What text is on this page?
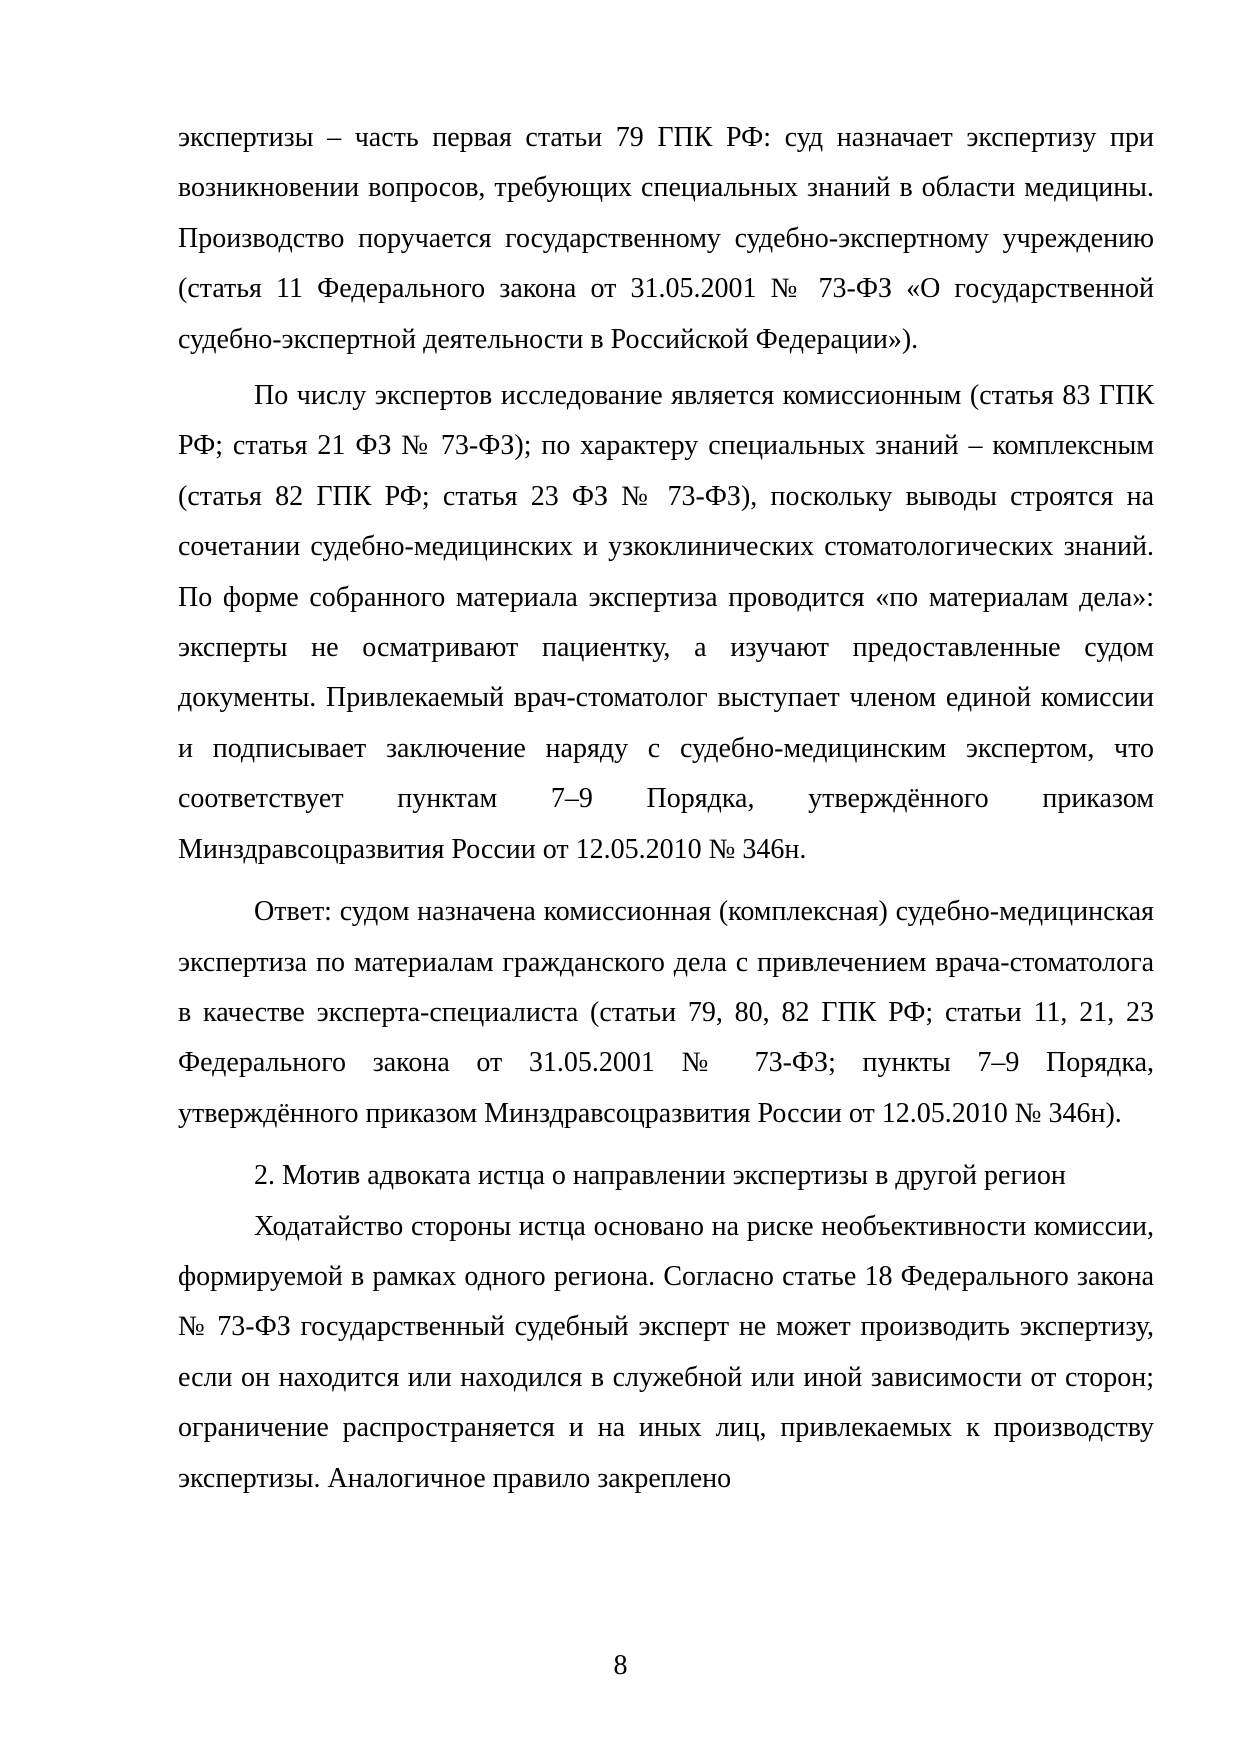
экспертизы – часть первая статьи 79 ГПК РФ: суд назначает экспертизу при возникновении вопросов, требующих специальных знаний в области медицины. Производство поручается государственному судебно-экспертному учреждению (статья 11 Федерального закона от 31.05.2001 № 73-ФЗ «О государственной судебно-экспертной деятельности в Российской Федерации»).

По числу экспертов исследование является комиссионным (статья 83 ГПК РФ; статья 21 ФЗ № 73-ФЗ); по характеру специальных знаний – комплексным (статья 82 ГПК РФ; статья 23 ФЗ № 73-ФЗ), поскольку выводы строятся на сочетании судебно-медицинских и узкоклинических стоматологических знаний. По форме собранного материала экспертиза проводится «по материалам дела»: эксперты не осматривают пациентку, а изучают предоставленные судом документы. Привлекаемый врач-стоматолог выступает членом единой комиссии и подписывает заключение наряду с судебно-медицинским экспертом, что соответствует пунктам 7–9 Порядка, утверждённого приказом Минздравсоцразвития России от 12.05.2010 № 346н.

Ответ: судом назначена комиссионная (комплексная) судебно-медицинская экспертиза по материалам гражданского дела с привлечением врача-стоматолога в качестве эксперта-специалиста (статьи 79, 80, 82 ГПК РФ; статьи 11, 21, 23 Федерального закона от 31.05.2001 № 73-ФЗ; пункты 7–9 Порядка, утверждённого приказом Минздравсоцразвития России от 12.05.2010 № 346н).

2. Мотив адвоката истца о направлении экспертизы в другой регион

Ходатайство стороны истца основано на риске необъективности комиссии, формируемой в рамках одного региона. Согласно статье 18 Федерального закона № 73-ФЗ государственный судебный эксперт не может производить экспертизу, если он находится или находился в служебной или иной зависимости от сторон; ограничение распространяется и на иных лиц, привлекаемых к производству экспертизы. Аналогичное правило закреплено

8
